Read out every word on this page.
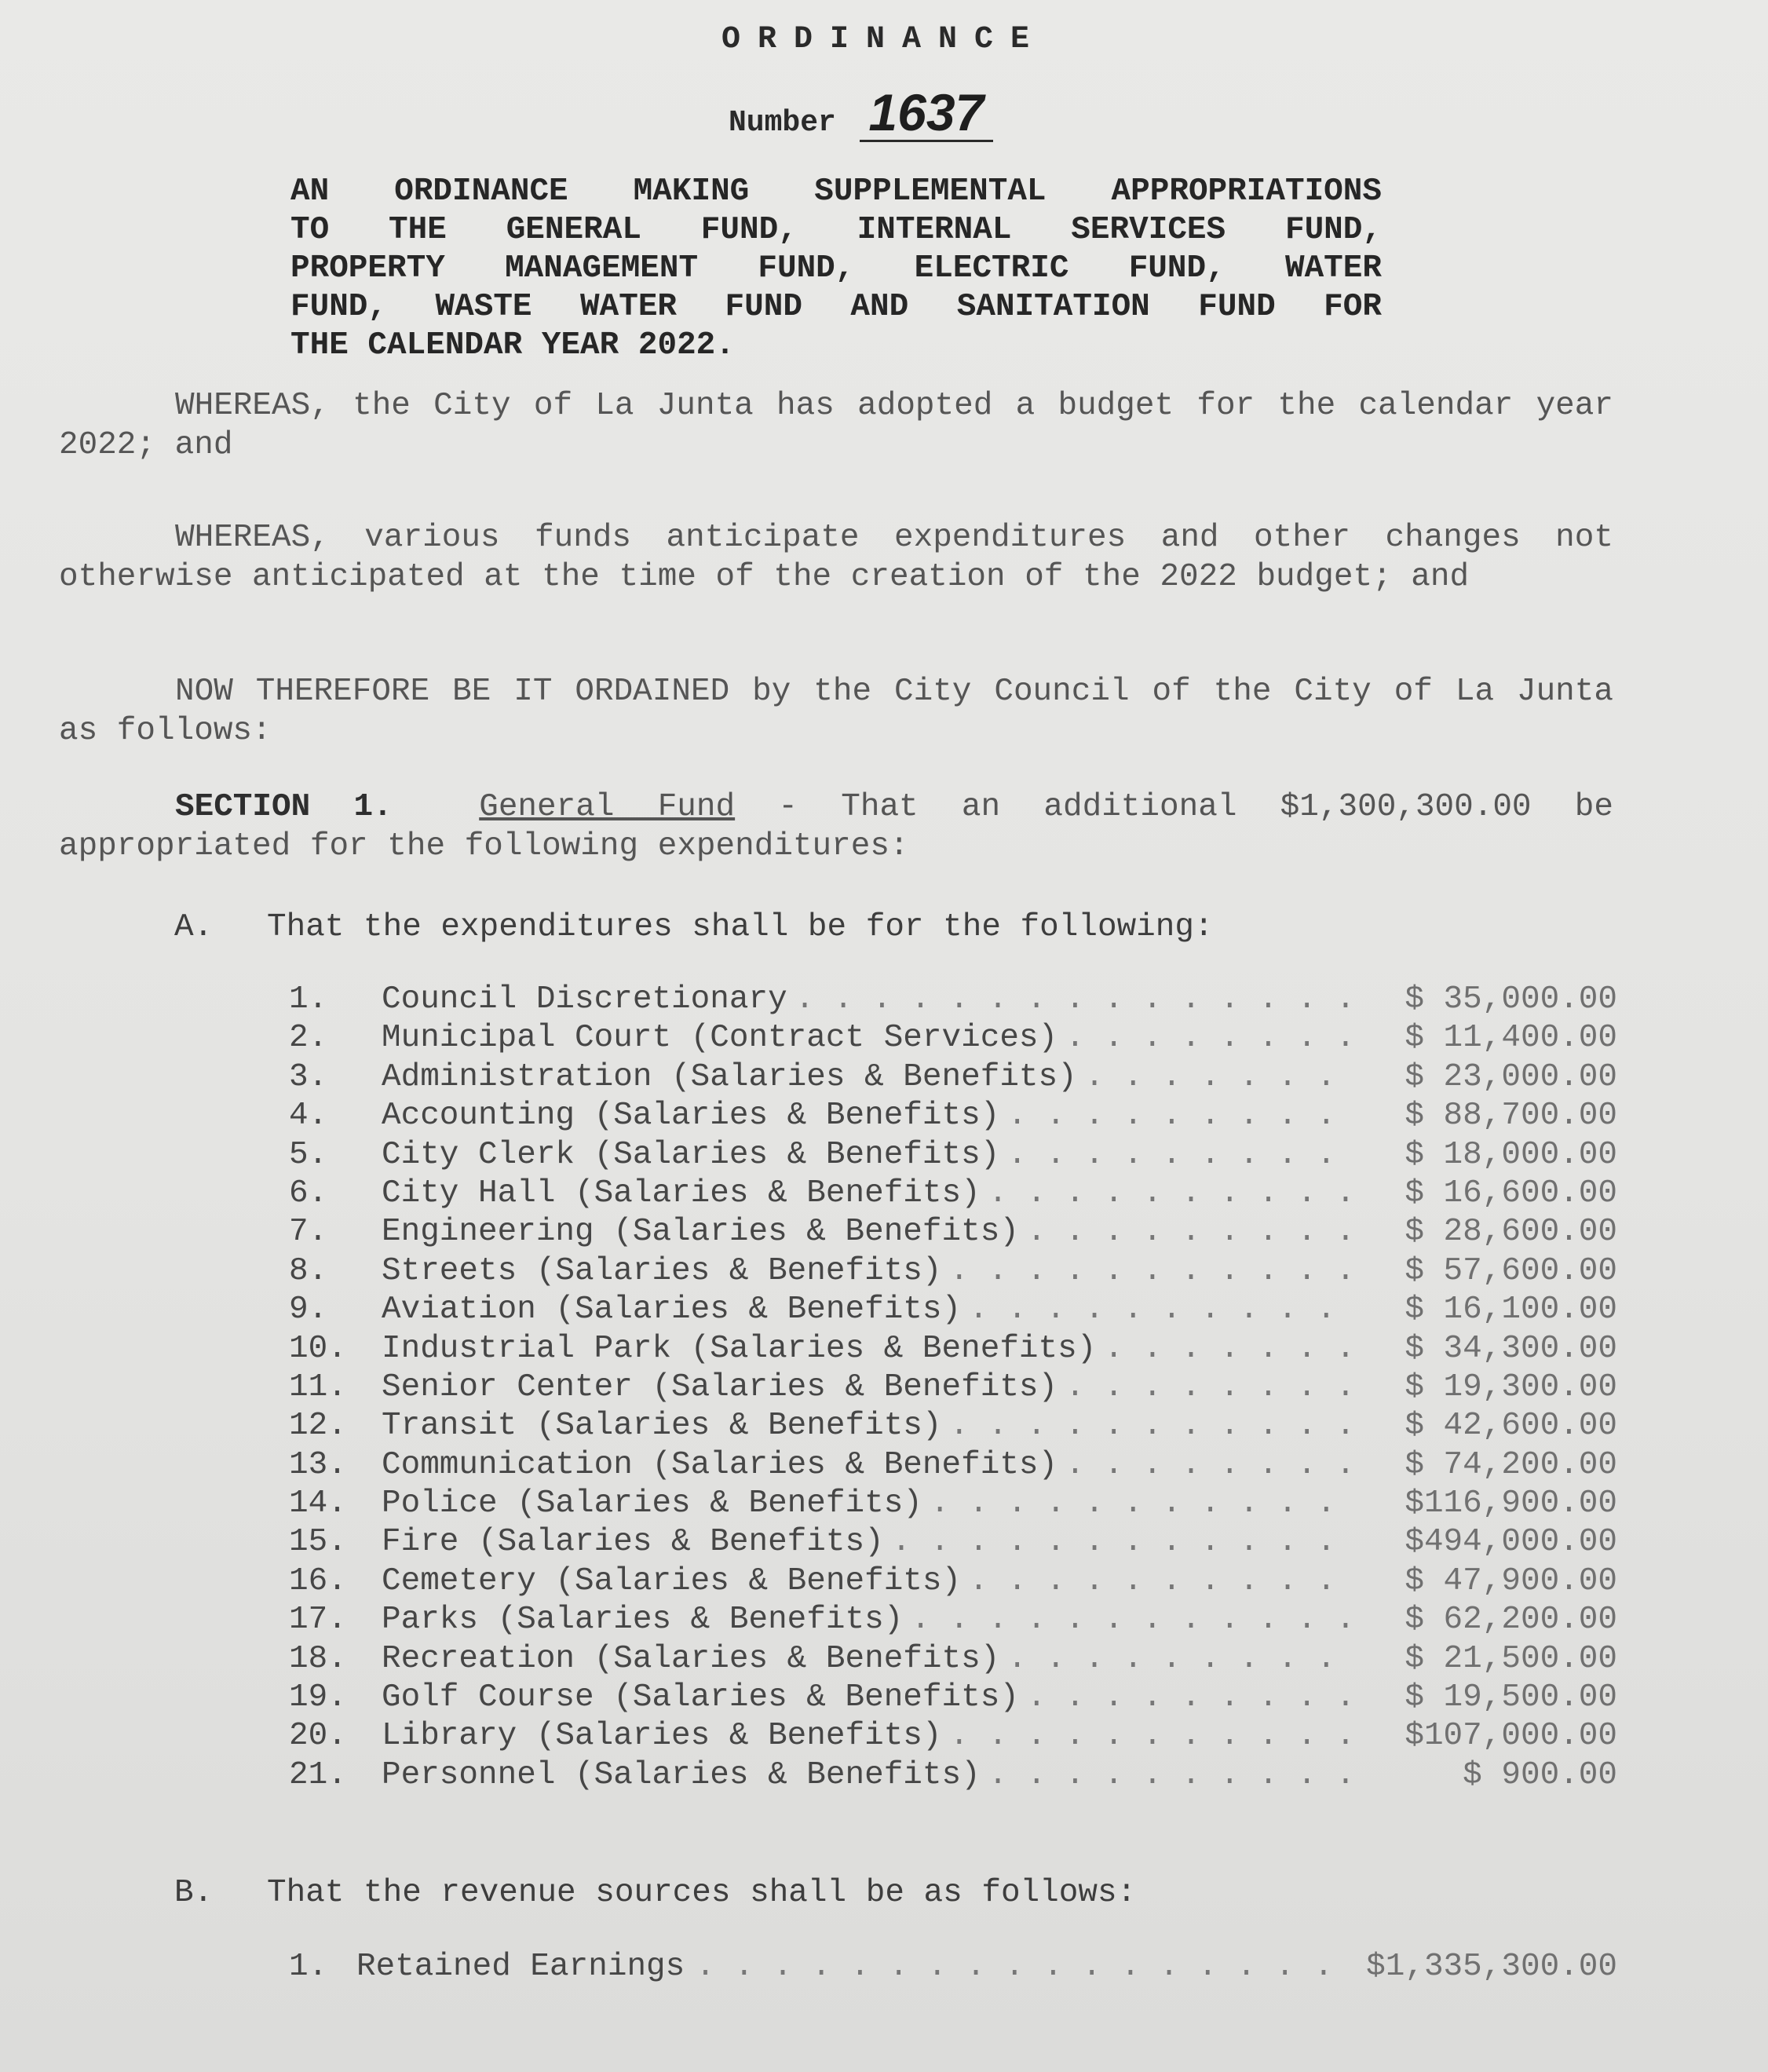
ORDINANCE
Number 1637
AN ORDINANCE MAKING SUPPLEMENTAL APPROPRIATIONS
TO THE GENERAL FUND, INTERNAL SERVICES FUND,
PROPERTY MANAGEMENT FUND, ELECTRIC FUND, WATER
FUND, WASTE WATER FUND AND SANITATION FUND FOR
THE CALENDAR YEAR 2022.

WHEREAS, the City of La Junta has adopted a budget for the calendar year 2022; and

WHEREAS, various funds anticipate expenditures and other changes not otherwise anticipated at the time of the creation of the 2022 budget; and

NOW THEREFORE BE IT ORDAINED by the City Council of the City of La Junta as follows:

SECTION 1.	General Fund - That an additional $1,300,300.00 be appropriated for the following expenditures:

A. That the expenditures shall be for the following:
1.	Council Discretionary . . .	$ 35,000.00
2.	Municipal Court (Contract Services) . . .	$ 11,400.00
3.	Administration (Salaries & Benefits) . . .	$ 23,000.00
4.	Accounting (Salaries & Benefits) . . .	$ 88,700.00
5.	City Clerk (Salaries & Benefits) . . .	$ 18,000.00
6.	City Hall (Salaries & Benefits) . . .	$ 16,600.00
7.	Engineering (Salaries & Benefits) . . .	$ 28,600.00
8.	Streets (Salaries & Benefits) . . .	$ 57,600.00
9.	Aviation (Salaries & Benefits) . . .	$ 16,100.00
10.	Industrial Park (Salaries & Benefits) . . .	$ 34,300.00
11.	Senior Center (Salaries & Benefits) . . .	$ 19,300.00
12.	Transit (Salaries & Benefits) . . .	$ 42,600.00
13.	Communication (Salaries & Benefits) . . .	$ 74,200.00
14.	Police (Salaries & Benefits) . . .	$116,900.00
15.	Fire (Salaries & Benefits) . . .	$494,000.00
16.	Cemetery (Salaries & Benefits) . . .	$ 47,900.00
17.	Parks (Salaries & Benefits) . . .	$ 62,200.00
18.	Recreation (Salaries & Benefits) . . .	$ 21,500.00
19.	Golf Course (Salaries & Benefits) . . .	$ 19,500.00
20.	Library (Salaries & Benefits) . . .	$107,000.00
21.	Personnel (Salaries & Benefits) . . .	$ 900.00
B. That the revenue sources shall be as follows:
1. Retained Earnings . . .	$1,335,300.00
